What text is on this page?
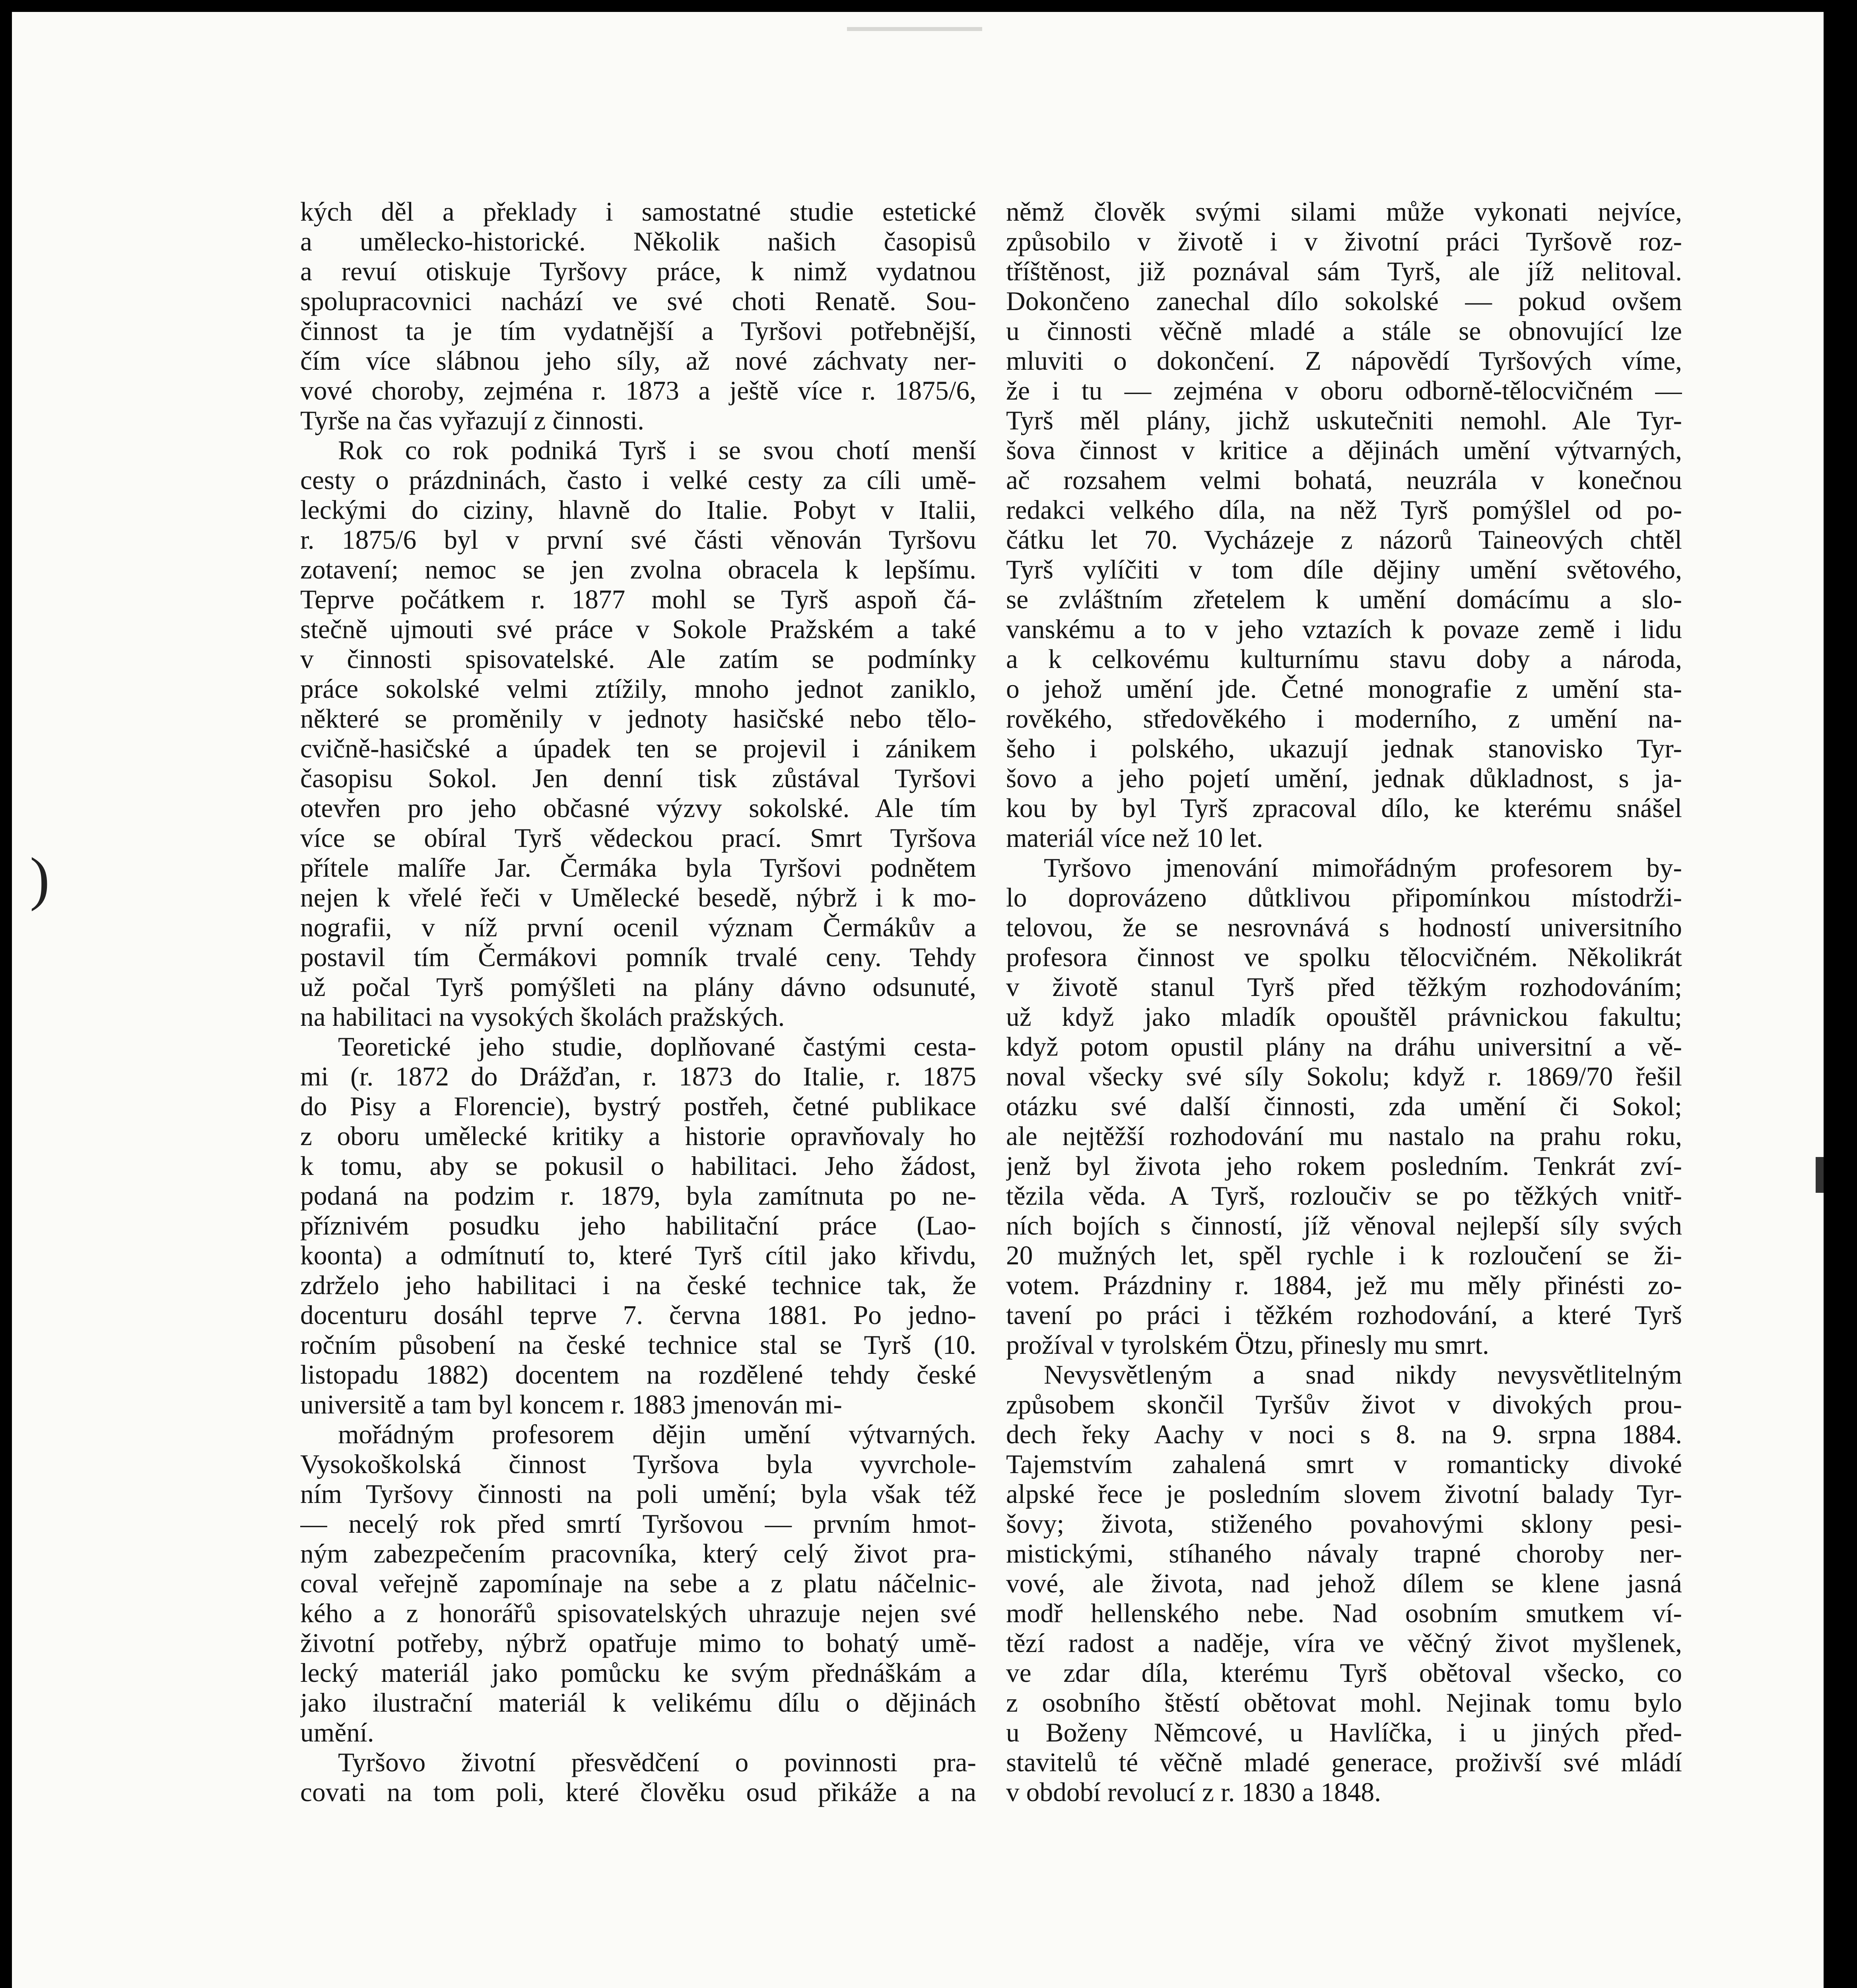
)
kých děl a překlady i samostatné studie estetické
a umělecko-historické. Několik našich časopisů
a revuí otiskuje Tyršovy práce, k nimž vydatnou
spolupracovnici nachází ve své choti Renatě. Sou-
činnost ta je tím vydatnější a Tyršovi potřebnější,
čím více slábnou jeho síly, až nové záchvaty ner-
vové choroby, zejména r. 1873 a ještě více r. 1875/6,
Tyrše na čas vyřazují z činnosti.
Rok co rok podniká Tyrš i se svou chotí menší
cesty o prázdninách, často i velké cesty za cíli umě-
leckými do ciziny, hlavně do Italie. Pobyt v Italii,
r. 1875/6 byl v první své části věnován Tyršovu
zotavení; nemoc se jen zvolna obracela k lepšímu.
Teprve počátkem r. 1877 mohl se Tyrš aspoň čá-
stečně ujmouti své práce v Sokole Pražském a také
v činnosti spisovatelské. Ale zatím se podmínky
práce sokolské velmi ztížily, mnoho jednot zaniklo,
některé se proměnily v jednoty hasičské nebo tělo-
cvičně-hasičské a úpadek ten se projevil i zánikem
časopisu Sokol. Jen denní tisk zůstával Tyršovi
otevřen pro jeho občasné výzvy sokolské. Ale tím
více se obíral Tyrš vědeckou prací. Smrt Tyršova
přítele malíře Jar. Čermáka byla Tyršovi podnětem
nejen k vřelé řeči v Umělecké besedě, nýbrž i k mo-
nografii, v níž první ocenil význam Čermákův a
postavil tím Čermákovi pomník trvalé ceny. Tehdy
už počal Tyrš pomýšleti na plány dávno odsunuté,
na habilitaci na vysokých školách pražských.
Teoretické jeho studie, doplňované častými cesta-
mi (r. 1872 do Drážďan, r. 1873 do Italie, r. 1875
do Pisy a Florencie), bystrý postřeh, četné publikace
z oboru umělecké kritiky a historie opravňovaly ho
k tomu, aby se pokusil o habilitaci. Jeho žádost,
podaná na podzim r. 1879, byla zamítnuta po ne-
příznivém posudku jeho habilitační práce (Lao-
koonta) a odmítnutí to, které Tyrš cítil jako křivdu,
zdrželo jeho habilitaci i na české technice tak, že
docenturu dosáhl teprve 7. června 1881. Po jedno-
ročním působení na české technice stal se Tyrš (10.
listopadu 1882) docentem na rozdělené tehdy české
universitě a tam byl koncem r. 1883 jmenován mi-
mořádným profesorem dějin umění výtvarných.
Vysokoškolská činnost Tyršova byla vyvrchole-
ním Tyršovy činnosti na poli umění; byla však též
— necelý rok před smrtí Tyršovou — prvním hmot-
ným zabezpečením pracovníka, který celý život pra-
coval veřejně zapomínaje na sebe a z platu náčelnic-
kého a z honorářů spisovatelských uhrazuje nejen své
životní potřeby, nýbrž opatřuje mimo to bohatý umě-
lecký materiál jako pomůcku ke svým přednáškám a
jako ilustrační materiál k velikému dílu o dějinách
umění.
Tyršovo životní přesvědčení o povinnosti pra-
covati na tom poli, které člověku osud přikáže a na
němž člověk svými silami může vykonati nejvíce,
způsobilo v životě i v životní práci Tyršově roz-
tříštěnost, již poznával sám Tyrš, ale jíž nelitoval.
Dokončeno zanechal dílo sokolské — pokud ovšem
u činnosti věčně mladé a stále se obnovující lze
mluviti o dokončení. Z nápovědí Tyršových víme,
že i tu — zejména v oboru odborně-tělocvičném —
Tyrš měl plány, jichž uskutečniti nemohl. Ale Tyr-
šova činnost v kritice a dějinách umění výtvarných,
ač rozsahem velmi bohatá, neuzrála v konečnou
redakci velkého díla, na něž Tyrš pomýšlel od po-
čátku let 70. Vycházeje z názorů Taineových chtěl
Tyrš vylíčiti v tom díle dějiny umění světového,
se zvláštním zřetelem k umění domácímu a slo-
vanskému a to v jeho vztazích k povaze země i lidu
a k celkovému kulturnímu stavu doby a národa,
o jehož umění jde. Četné monografie z umění sta-
rověkého, středověkého i moderního, z umění na-
šeho i polského, ukazují jednak stanovisko Tyr-
šovo a jeho pojetí umění, jednak důkladnost, s ja-
kou by byl Tyrš zpracoval dílo, ke kterému snášel
materiál více než 10 let.
Tyršovo jmenování mimořádným profesorem by-
lo doprovázeno důtklivou připomínkou místodrži-
telovou, že se nesrovnává s hodností universitního
profesora činnost ve spolku tělocvičném. Několikrát
v životě stanul Tyrš před těžkým rozhodováním;
už když jako mladík opouštěl právnickou fakultu;
když potom opustil plány na dráhu universitní a vě-
noval všecky své síly Sokolu; když r. 1869/70 řešil
otázku své další činnosti, zda umění či Sokol;
ale nejtěžší rozhodování mu nastalo na prahu roku,
jenž byl života jeho rokem posledním. Tenkrát zví-
tězila věda. A Tyrš, rozloučiv se po těžkých vnitř-
ních bojích s činností, jíž věnoval nejlepší síly svých
20 mužných let, spěl rychle i k rozloučení se ži-
votem. Prázdniny r. 1884, jež mu měly přinésti zo-
tavení po práci i těžkém rozhodování, a které Tyrš
prožíval v tyrolském Ötzu, přinesly mu smrt.
Nevysvětleným a snad nikdy nevysvětlitelným
způsobem skončil Tyršův život v divokých prou-
dech řeky Aachy v noci s 8. na 9. srpna 1884.
Tajemstvím zahalená smrt v romanticky divoké
alpské řece je posledním slovem životní balady Tyr-
šovy; života, stiženého povahovými sklony pesi-
mistickými, stíhaného návaly trapné choroby ner-
vové, ale života, nad jehož dílem se klene jasná
modř hellenského nebe. Nad osobním smutkem ví-
tězí radost a naděje, víra ve věčný život myšlenek,
ve zdar díla, kterému Tyrš obětoval všecko, co
z osobního štěstí obětovat mohl. Nejinak tomu bylo
u Boženy Němcové, u Havlíčka, i u jiných před-
stavitelů té věčně mladé generace, proživší své mládí
v období revolucí z r. 1830 a 1848.
